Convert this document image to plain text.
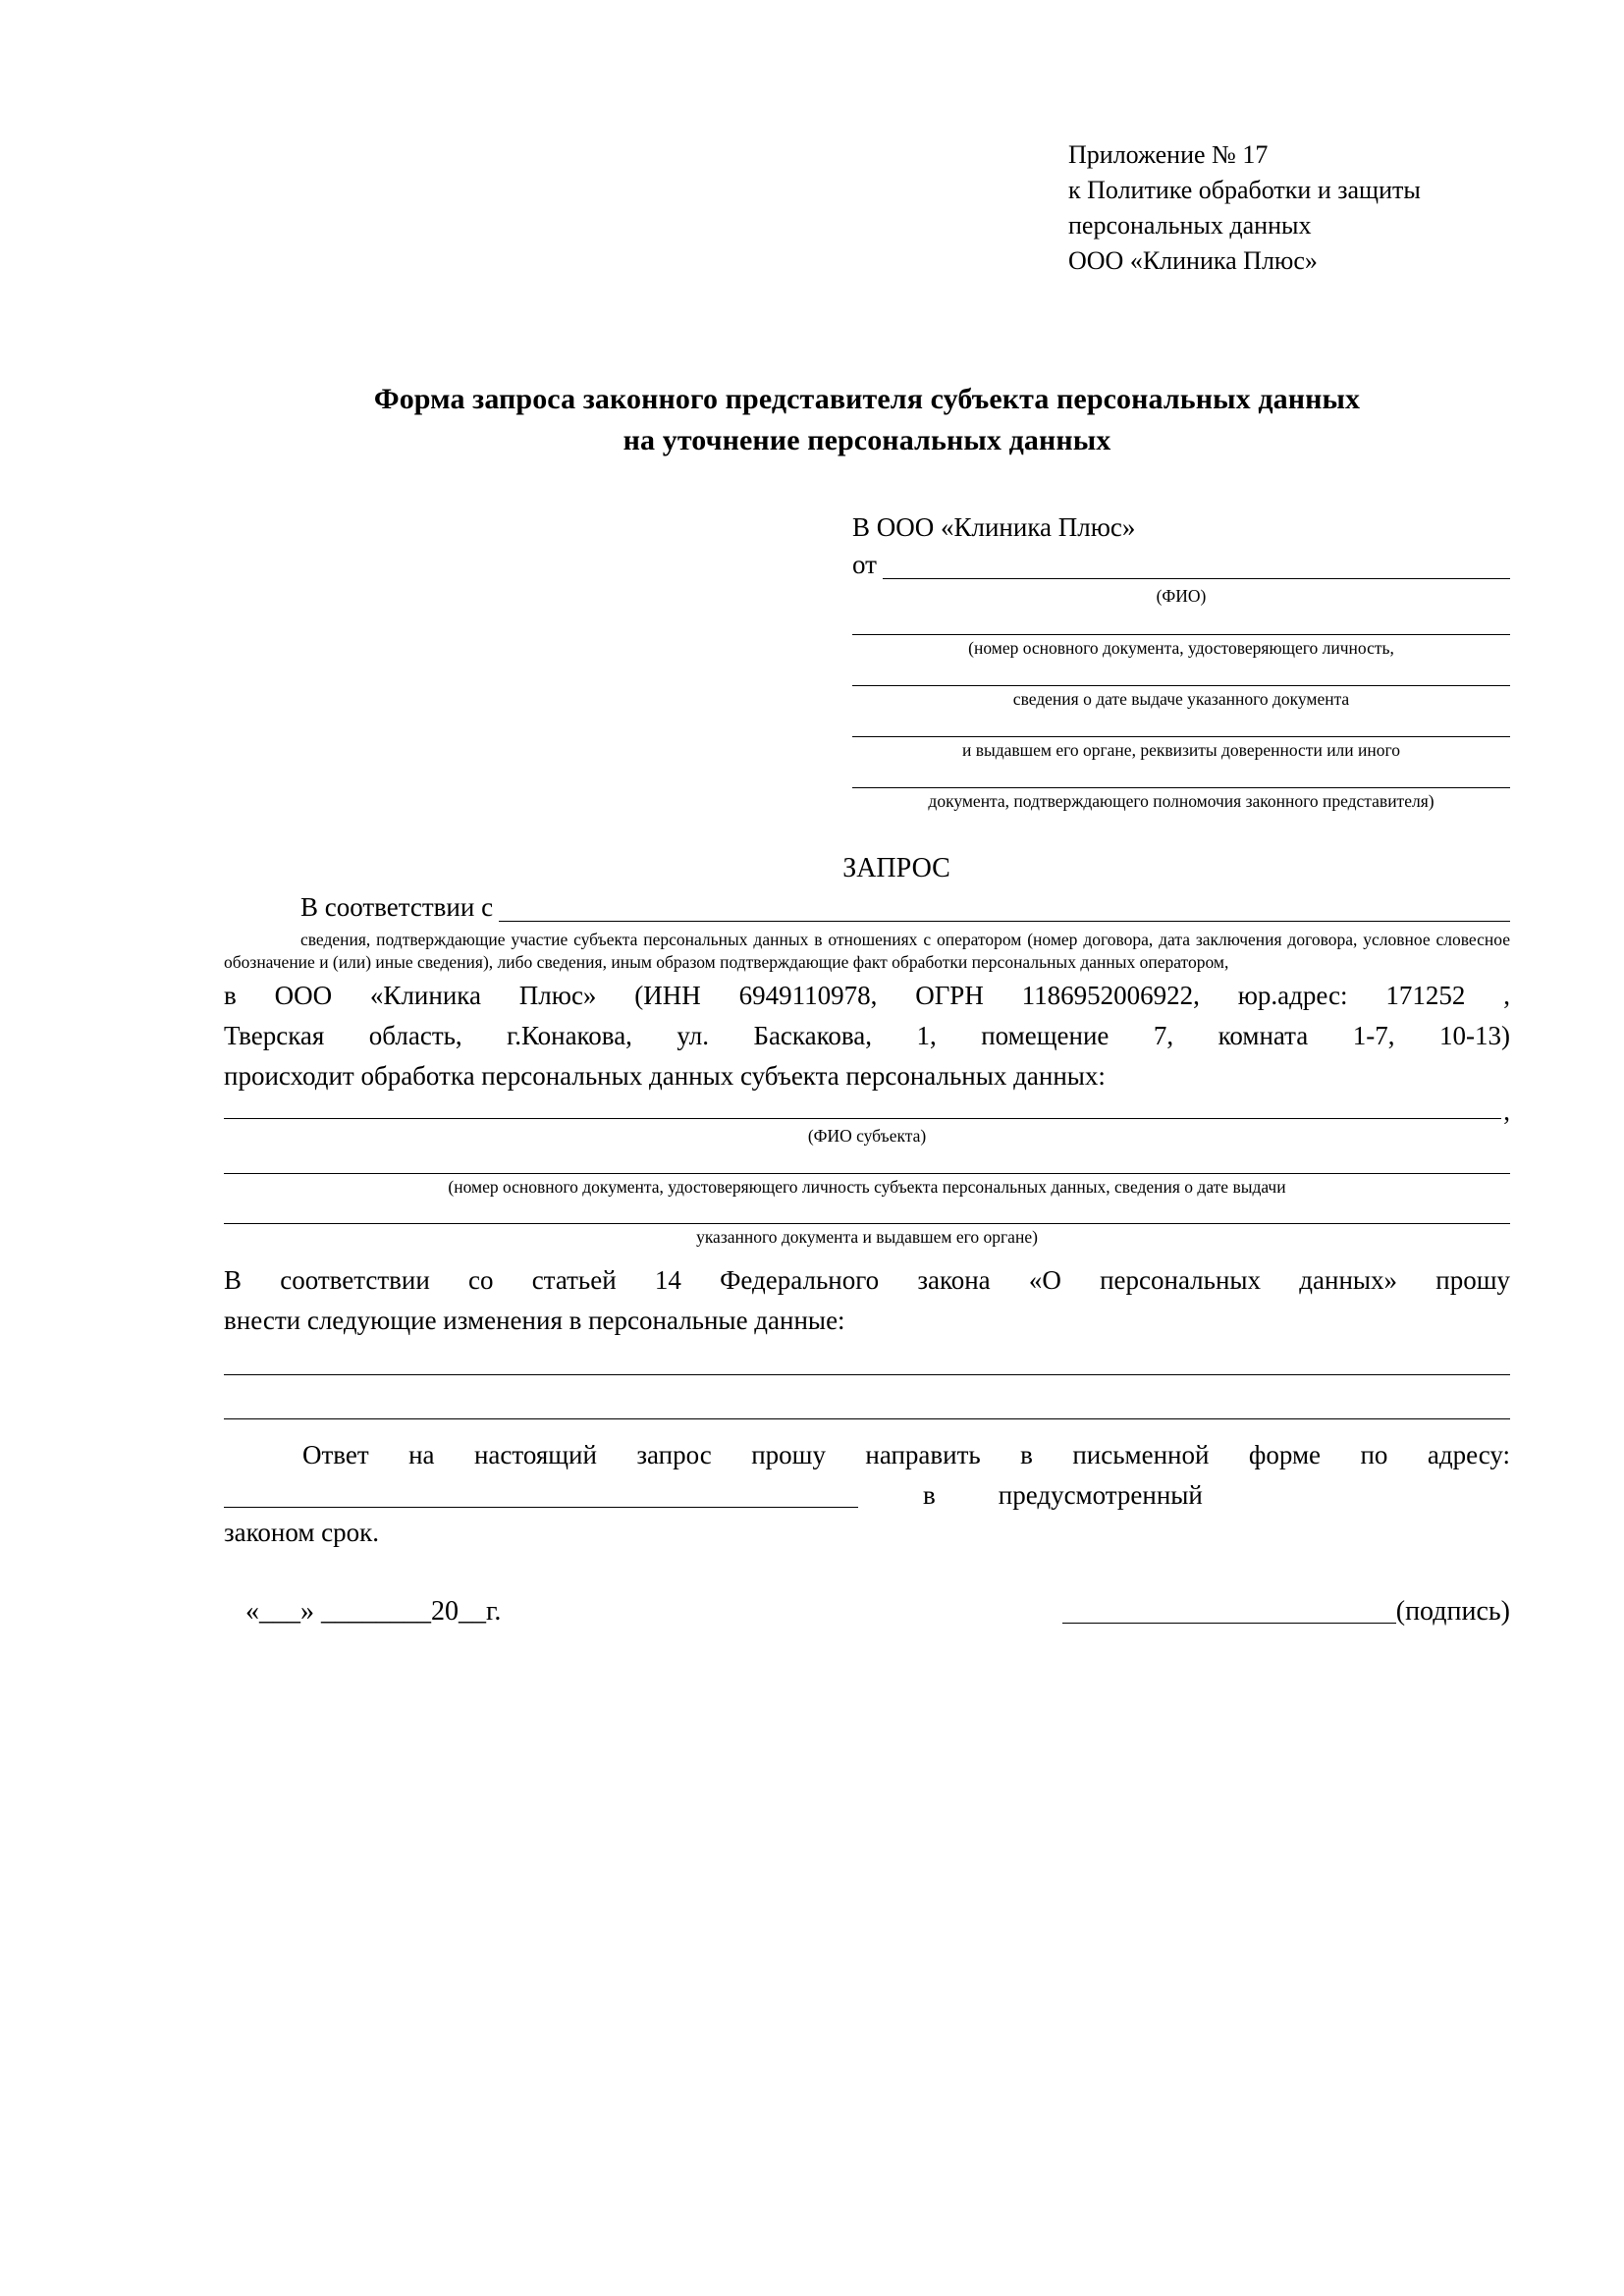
Приложение № 17
к Политике обработки и защиты
персональных данных
ООО «Клиника Плюс»
Форма запроса законного представителя субъекта персональных данных
на уточнение персональных данных
В ООО «Клиника Плюс»
от
(ФИО)
(номер основного документа, удостоверяющего личность,
сведения о дате выдаче указанного документа
и выдавшем его органе, реквизиты доверенности или иного
документа, подтверждающего полномочия законного представителя)
ЗАПРОС
В соответствии с
сведения, подтверждающие участие субъекта персональных данных в отношениях с оператором (номер договора, дата заключения договора, условное словесное обозначение и (или) иные сведения), либо сведения, иным образом подтверждающие факт обработки персональных данных оператором,
в ООО «Клиника Плюс» (ИНН 6949110978, ОГРН 1186952006922, юр.адрес: 171252 ,
Тверская область, г.Конакова, ул. Баскакова, 1, помещение 7, комната 1-7, 10-13)
происходит обработка персональных данных субъекта персональных данных:
,
(ФИО субъекта)
(номер основного документа, удостоверяющего личность субъекта персональных данных, сведения о дате выдачи
указанного документа и выдавшем его органе)
В соответствии со статьей 14 Федерального закона «О персональных данных» прошу
внести следующие изменения в персональные данные:
Ответ на настоящий запрос прошу направить в письменной форме по адресу:
в предусмотренный
законом срок.
«___» ________20__г.	(подпись)
